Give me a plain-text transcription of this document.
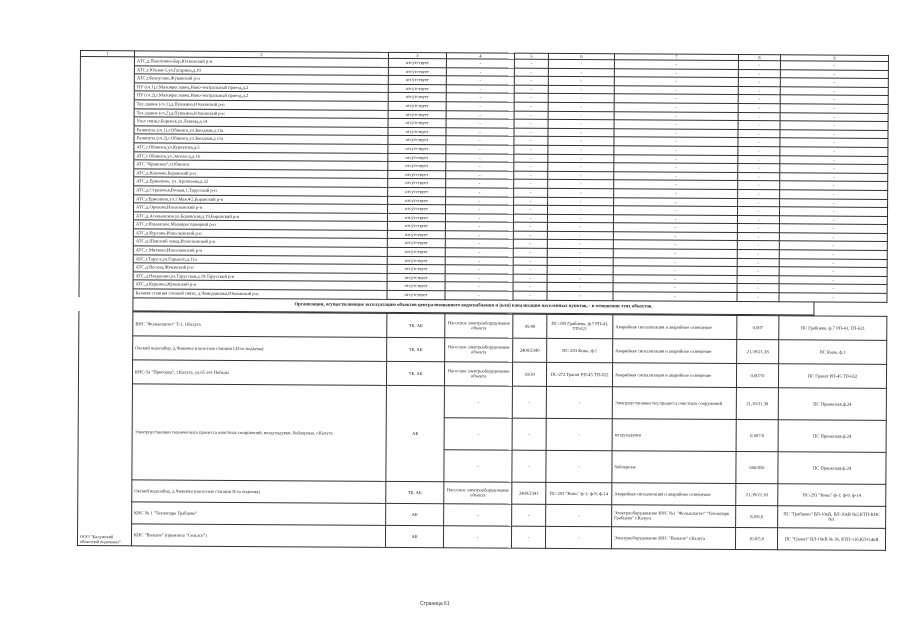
1	2	3	4	5	6	7	8	9
	АТС,д.Полотняно-Бор,Юхновский р-н	отсутствует	-	-	-	-	-	-
	АТС,г.Юхнов-1,ул.Гагарина,д.10	отсутствует	-	-	-	-	-	-
	АТС,г.Белоусово,Жуковский р-н	отсутствует	-	-	-	-	-	-
	ПУ (сч.1),г.Малоярославец,Ново-театральный проезд,д.2	отсутствует	-	-	-	-	-	-
	ПУ (сч.2),г.Малоярославец,Ново-театральный проезд,д.2	отсутствует	-	-	-	-	-	-
	Тех.здание (сч.1),д.Пушкино,Юхновский р-н	отсутствует	-	-	-	-	-	-
	Тех.здание (сч.2),д.Пушкино,Юхновский р-н	отсутствует	-	-	-	-	-	-
	Узел связи,г.Боровск,ул.Ленина,д.14	отсутствует	-	-	-	-	-	-
	Развязуха (сч.1),г.Обнинск,ул.Звездная,д.11а	отсутствует	-	-	-	-	-	-
	Развязуха (сч.2),г.Обнинск,ул.Звездная,д.11а	отсутствует	-	-	-	-	-	-
	АТС,г.Обнинск,ул.Курчатова,д.5	отсутствует	-	-	-	-	-	-
	АТС,г.Обнинск,ул.Энгельса,д.16	отсутствует	-	-	-	-	-	-
	АТС "Кривское",г.Обнинск	отсутствует	-	-	-	-	-	-
	АТС,д.Комлево,Боровский р-н	отсутствует	-	-	-	-	-	-
	АТС,д.Ермолино, ул. Арсеньева,д.32	отсутствует	-	-	-	-	-	-
	АТС,д.Стрелечья,Речная,1,Тарусский р-н	отсутствует	-	-	-	-	-	-
	АТС,г.Ермолино,ул.1 Мая,4/2,Боровский р-н	отсутствует	-	-	-	-	-	-
	АТС,д.Орехово,Износковский р-н	отсутствует	-	-	-	-	-	-
	АТС,д.Асеньевское,ул.Боровская,д.19,Боровский р-н	отсутствует	-	-	-	-	-	-
	АТС,г.Ильинское,Малоярославецкий р-н	отсутствует	-	-	-	-	-	-
	АТС,д.Курсово,Износковский р-н	отсутствует	-	-	-	-	-	-
	АТС,д.Шанский завод,Износковский р-н	отсутствует	-	-	-	-	-	-
	АТС,с.Мятлево,Износковский р-н	отсутствует	-	-	-	-	-	-
	АТС,г.Таруса,ул.Горького,д.11а	отсутствует	-	-	-	-	-	-
	АТС,д.Восход,Жуковский р-н	отсутствует	-	-	-	-	-	-
	АТС,д.Некрасово,ул.Тарусская,д.19,Тарусский р-н	отсутствует	-	-	-	-	-	-
	АТС,д.Куркино,Жуковский р-н	отсутствует	-	-	-	-	-	-
	Базовая станция сотовой связи, д.Чемодановка,Юхновский р-н	отсутствует	-	-	-	-	-	-
Организации, осуществляющие эксплуатацию объектов централизованного водоснабжения и (или) канализации населенных пунктов, - в отношении этих объектов.
ООО "Калужский областной водоканал"	ВНС "Фольксваген" Т-1, г.Калуга	ТБ, АБ	Насосное электрооборудование объекта	45/40	ПС-395 Грабцево, ф.7 РП-43, ТП-621	Аварийная сигнализация и аварийное освещение	0,007	ПС Грабцево, ф.7 РП-43, ТП-621
	Окский водозабор, д.Чижовка (насосные станции I,II-го подъема)	ТБ, АБ	Насосное электрооборудование объекта	2400/2340	ПС-293 Кинь, ф.1	Аварийная сигнализация и аварийное освещение	21,39/21,38	ПС Кинь, ф.1
	КНС-5а "Пригород", г.Калуга, ул.65 лет Победы	ТБ, АБ	Насосное электрооборудование объекта	30/30	ПС-272 Гранат РП-45 ТП-652	Аварийная сигнализация и аварийное освещение	0,007/0	ПС Гранат РП-45 ТП-652
	Электроустановки технического процесса очистных сооружений, воздуходувки, бойлерные, г.Калуга	АБ	-	-	-	Электроустановки тех.процесса очистных сооружений	21,39/21,38	ПС Приокская,ф.24
			-	-	-	воздуходувки	0,007/0	ПС Приокская,ф.24
			-	-	-	бойлерные	600/850	ПС Приокская,ф.24
	Окский водозабор, д.Чижовка (насосные станции II-го подъема)	ТБ, АБ	Насосное электрооборудование объекта	2400/2341	ПС-293 "Кинь" ф-1; ф-9; ф-14	Аварийная сигнализация и аварийное освещение	21,39/21,38	ПС-293 "Кинь" ф-1; ф-9; ф-14
	КНС № 1 "Технопарк Грабцево"	АБ	-	-	-	Электрооборудование КНС №1 "Фольксваген" "Технопарк Грабцево" г.Калуга	8,0/8,0	ПС "Грабцево" ВЛ-10кВ, ВЛ-10кВ №2,КТП-КНС №1
	КНС "Волыне" (промзона "Сельхоз")	АБ	-	-	-	Электрооборудование КНС "Волыне" г.Калуга	10,0/5,0	ПС "Гранат" ВЛ-10кВ № 36, КТП-116,КЛ-0,4кВ
Страница 61
